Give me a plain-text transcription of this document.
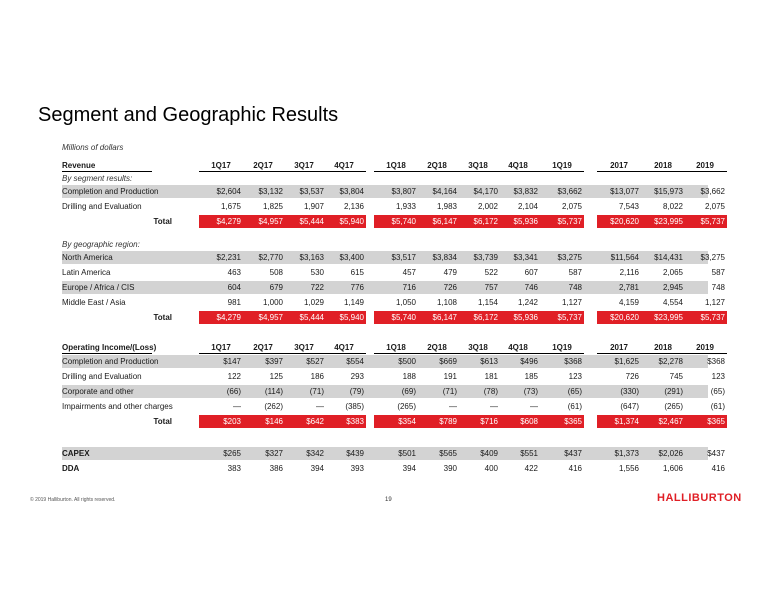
Segment and Geographic Results
Millions of dollars
Revenue	1Q17	2Q17	3Q17	4Q17	1Q18	2Q18	3Q18	4Q18	1Q19	2017	2018	2019
By segment results:
Completion and Production	$2,604	$3,132	$3,537	$3,804	$3,807	$4,164	$4,170	$3,832	$3,662	$13,077	$15,973	$3,662
Drilling and Evaluation	1,675	1,825	1,907	2,136	1,933	1,983	2,002	2,104	2,075	7,543	8,022	2,075
Total	$4,279	$4,957	$5,444	$5,940	$5,740	$6,147	$6,172	$5,936	$5,737	$20,620	$23,995	$5,737
By geographic region:
North America	$2,231	$2,770	$3,163	$3,400	$3,517	$3,834	$3,739	$3,341	$3,275	$11,564	$14,431	$3,275
Latin America	463	508	530	615	457	479	522	607	587	2,116	2,065	587
Europe / Africa / CIS	604	679	722	776	716	726	757	746	748	2,781	2,945	748
Middle East / Asia	981	1,000	1,029	1,149	1,050	1,108	1,154	1,242	1,127	4,159	4,554	1,127
Total	$4,279	$4,957	$5,444	$5,940	$5,740	$6,147	$6,172	$5,936	$5,737	$20,620	$23,995	$5,737
Operating Income/(Loss)	1Q17	2Q17	3Q17	4Q17	1Q18	2Q18	3Q18	4Q18	1Q19	2017	2018	2019
Completion and Production	$147	$397	$527	$554	$500	$669	$613	$496	$368	$1,625	$2,278	$368
Drilling and Evaluation	122	125	186	293	188	191	181	185	123	726	745	123
Corporate and other	(66)	(114)	(71)	(79)	(69)	(71)	(78)	(73)	(65)	(330)	(291)	(65)
Impairments and other charges	—	(262)	—	(385)	(265)	—	—	—	(61)	(647)	(265)	(61)
Total	$203	$146	$642	$383	$354	$789	$716	$608	$365	$1,374	$2,467	$365
CAPEX	$265	$327	$342	$439	$501	$565	$409	$551	$437	$1,373	$2,026	$437
DDA	383	386	394	393	394	390	400	422	416	1,556	1,606	416
© 2019 Halliburton. All rights reserved.	19	HALLIBURTON
